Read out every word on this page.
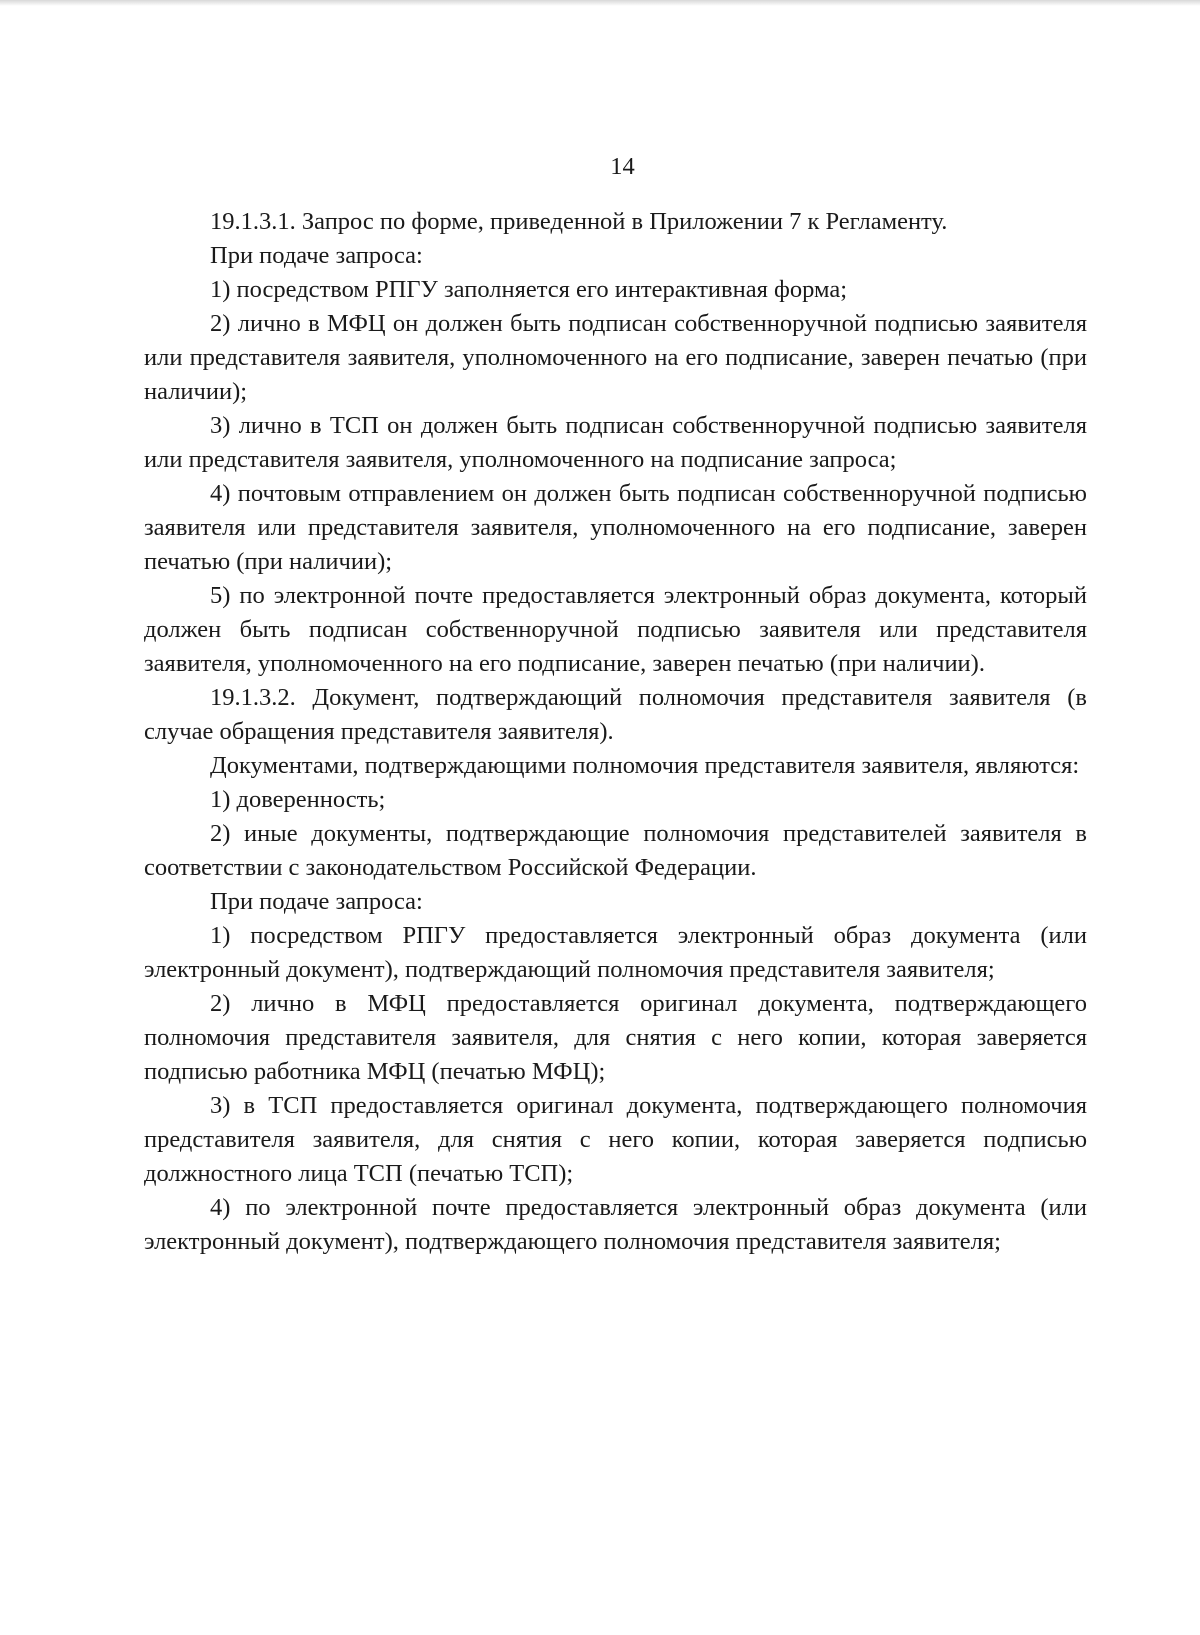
14

19.1.3.1. Запрос по форме, приведенной в Приложении 7 к Регламенту.

При подаче запроса:

1) посредством РПГУ заполняется его интерактивная форма;

2) лично в МФЦ он должен быть подписан собственноручной подписью заявителя или представителя заявителя, уполномоченного на его подписание, заверен печатью (при наличии);

3) лично в ТСП он должен быть подписан собственноручной подписью заявителя или представителя заявителя, уполномоченного на подписание запроса;

4) почтовым отправлением он должен быть подписан собственноручной подписью заявителя или представителя заявителя, уполномоченного на его подписание, заверен печатью (при наличии);

5) по электронной почте предоставляется электронный образ документа, который должен быть подписан собственноручной подписью заявителя или представителя заявителя, уполномоченного на его подписание, заверен печатью (при наличии).

19.1.3.2. Документ, подтверждающий полномочия представителя заявителя (в случае обращения представителя заявителя).

Документами, подтверждающими полномочия представителя заявителя, являются:

1) доверенность;

2) иные документы, подтверждающие полномочия представителей заявителя в соответствии с законодательством Российской Федерации.

При подаче запроса:

1) посредством РПГУ предоставляется электронный образ документа (или электронный документ), подтверждающий полномочия представителя заявителя;

2) лично в МФЦ предоставляется оригинал документа, подтверждающего полномочия представителя заявителя, для снятия с него копии, которая заверяется подписью работника МФЦ (печатью МФЦ);

3) в ТСП предоставляется оригинал документа, подтверждающего полномочия представителя заявителя, для снятия с него копии, которая заверяется подписью должностного лица ТСП (печатью ТСП);

4) по электронной почте предоставляется электронный образ документа (или электронный документ), подтверждающего полномочия представителя заявителя;
